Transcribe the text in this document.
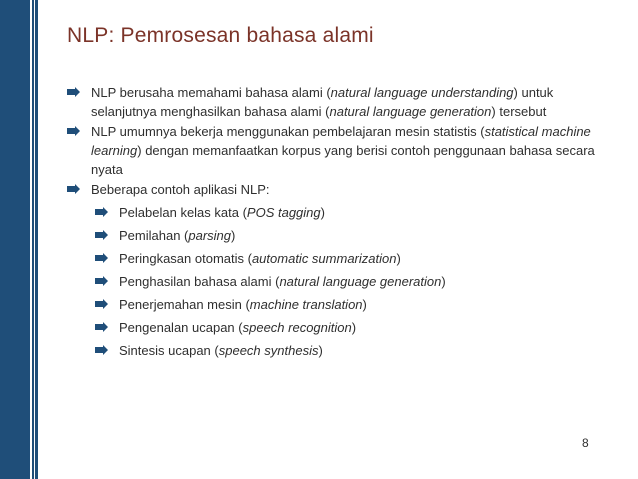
NLP: Pemrosesan bahasa alami
NLP berusaha memahami bahasa alami (natural language understanding) untuk selanjutnya menghasilkan bahasa alami (natural language generation) tersebut
NLP umumnya bekerja menggunakan pembelajaran mesin statistis (statistical machine learning) dengan memanfaatkan korpus yang berisi contoh penggunaan bahasa secara nyata
Beberapa contoh aplikasi NLP:
Pelabelan kelas kata (POS tagging)
Pemilahan (parsing)
Peringkasan otomatis (automatic summarization)
Penghasilan bahasa alami (natural language generation)
Penerjemahan mesin (machine translation)
Pengenalan ucapan (speech recognition)
Sintesis ucapan (speech synthesis)
8
